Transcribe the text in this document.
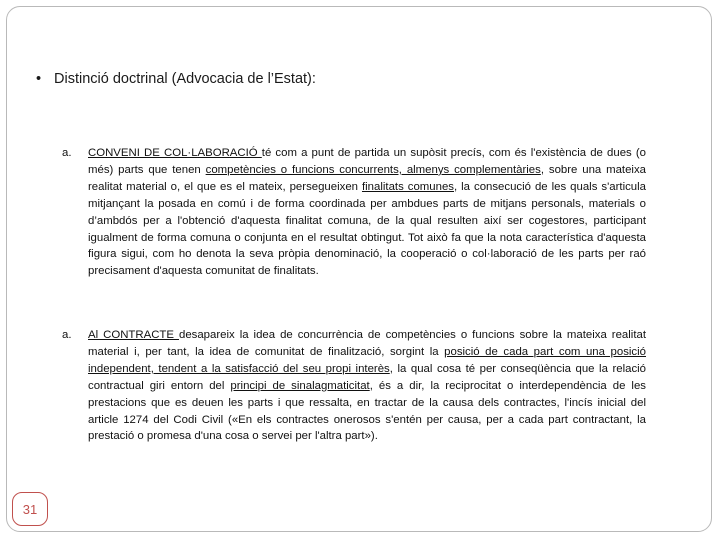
• Distinció doctrinal (Advocacia de l’Estat):
a. CONVENI DE COL·LABORACIÓ té com a punt de partida un supòsit precís, com és l'existència de dues (o més) parts que tenen competències o funcions concurrents, almenys complementàries, sobre una mateixa realitat material o, el que es el mateix, persegueixen finalitats comunes, la consecució de les quals s'articula mitjançant la posada en comú i de forma coordinada per ambdues parts de mitjans personals, materials o d’ambdós per a l'obtenció d'aquesta finalitat comuna, de la qual resulten així ser cogestores, participant igualment de forma comuna o conjunta en el resultat obtingut. Tot això fa que la nota característica d'aquesta figura sigui, com ho denota la seva pròpia denominació, la cooperació o col·laboració de les parts per raó precisament d'aquesta comunitat de finalitats.
a. Al CONTRACTE desapareix la idea de concurrència de competències o funcions sobre la mateixa realitat material i, per tant, la idea de comunitat de finalització, sorgint la posició de cada part com una posició independent, tendent a la satisfacció del seu propi interès, la qual cosa té per conseqüència que la relació contractual giri entorn del principi de sinalagmaticitat, és a dir, la reciprocitat o interdependència de les prestacions que es deuen les parts i que ressalta, en tractar de la causa dels contractes, l'incís inicial del article 1274 del Codi Civil («En els contractes onerosos s'entén per causa, per a cada part contractant, la prestació o promesa d'una cosa o servei per l'altra part»).
31
